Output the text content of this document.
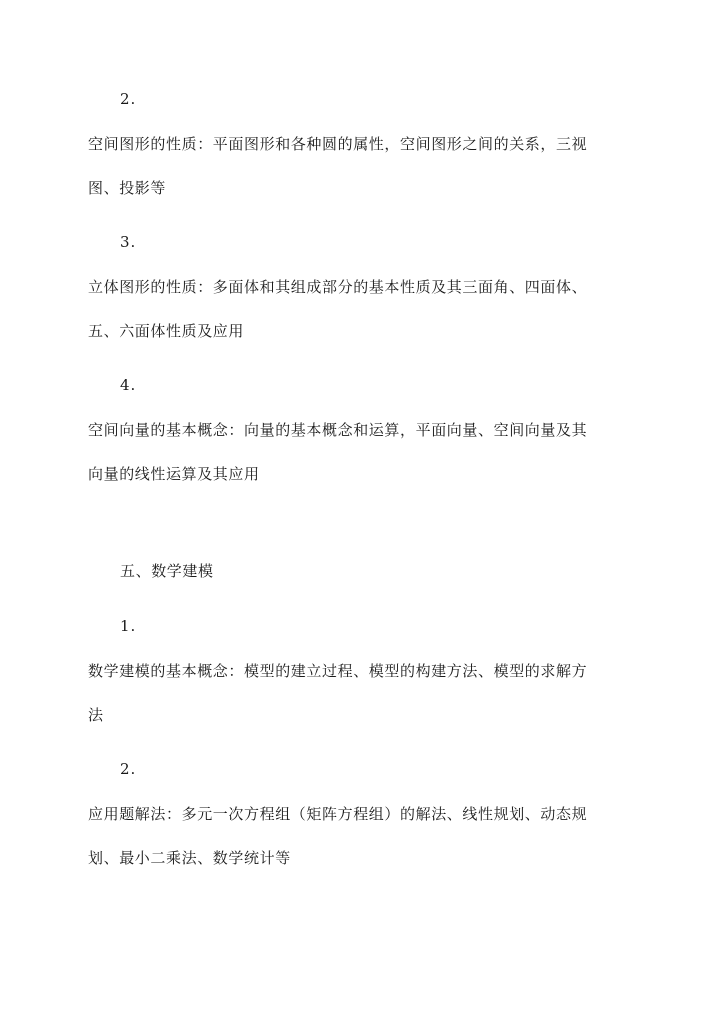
2.
空间图形的性质：平面图形和各种圆的属性，空间图形之间的关系，三视
图、投影等
3.
立体图形的性质：多面体和其组成部分的基本性质及其三面角、四面体、
五、六面体性质及应用
4.
空间向量的基本概念：向量的基本概念和运算，平面向量、空间向量及其
向量的线性运算及其应用
五、数学建模
1.
数学建模的基本概念：模型的建立过程、模型的构建方法、模型的求解方
法
2.
应用题解法：多元一次方程组（矩阵方程组）的解法、线性规划、动态规
划、最小二乘法、数学统计等
